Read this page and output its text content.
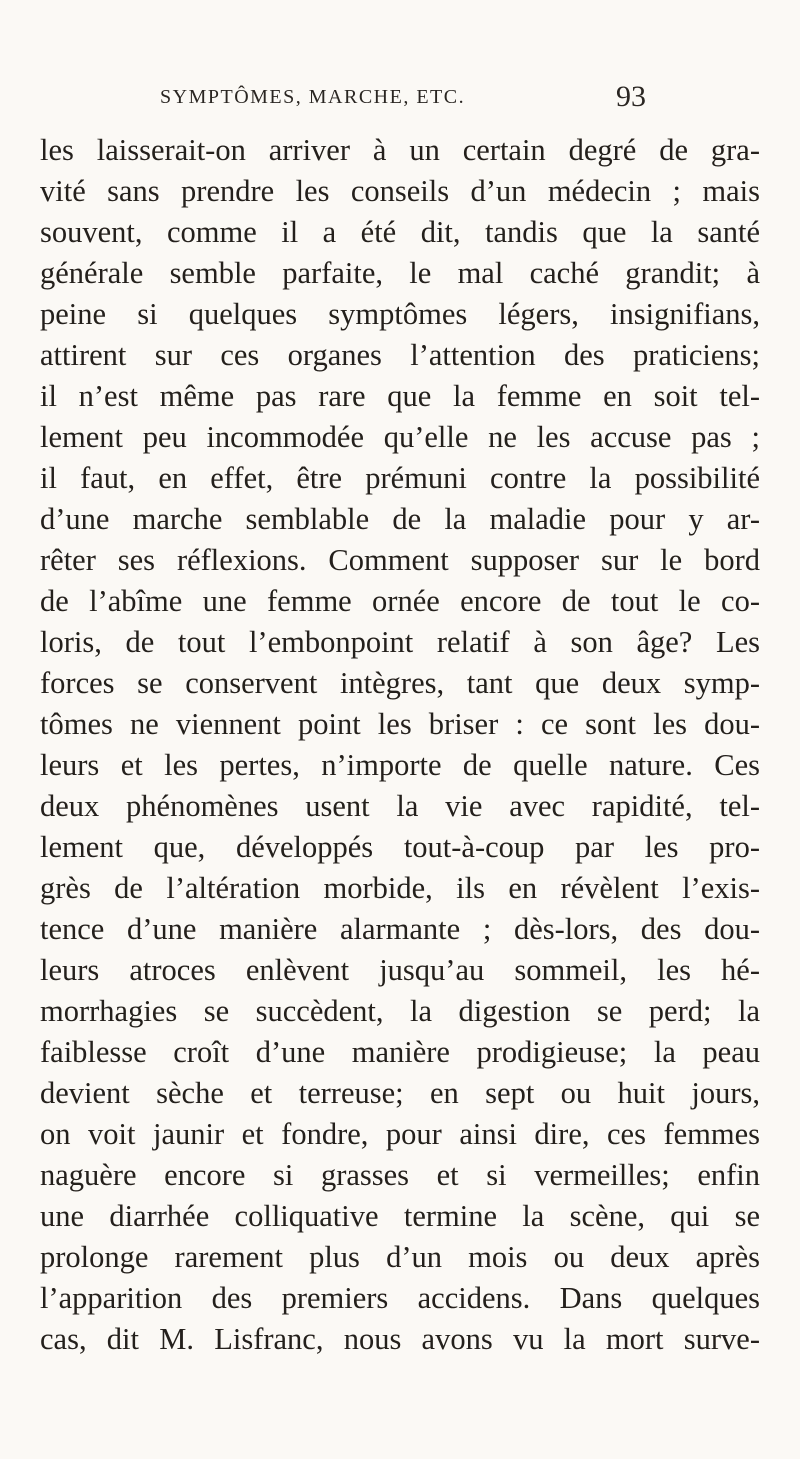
SYMPTÔMES, MARCHE, ETC.	93
les laisserait-on arriver à un certain degré de gra-
vité sans prendre les conseils d’un médecin ; mais
souvent, comme il a été dit, tandis que la santé
générale semble parfaite, le mal caché grandit; à
peine si quelques symptômes légers, insignifians,
attirent sur ces organes l’attention des praticiens;
il n’est même pas rare que la femme en soit tel-
lement peu incommodée qu’elle ne les accuse pas ;
il faut, en effet, être prémuni contre la possibilité
d’une marche semblable de la maladie pour y ar-
rêter ses réflexions. Comment supposer sur le bord
de l’abîme une femme ornée encore de tout le co-
loris, de tout l’embonpoint relatif à son âge? Les
forces se conservent intègres, tant que deux symp-
tômes ne viennent point les briser : ce sont les dou-
leurs et les pertes, n’importe de quelle nature. Ces
deux phénomènes usent la vie avec rapidité, tel-
lement que, développés tout-à-coup par les pro-
grès de l’altération morbide, ils en révèlent l’exis-
tence d’une manière alarmante ; dès-lors, des dou-
leurs atroces enlèvent jusqu’au sommeil, les hé-
morrhagies se succèdent, la digestion se perd; la
faiblesse croît d’une manière prodigieuse; la peau
devient sèche et terreuse; en sept ou huit jours,
on voit jaunir et fondre, pour ainsi dire, ces femmes
naguère encore si grasses et si vermeilles; enfin
une diarrhée colliquative termine la scène, qui se
prolonge rarement plus d’un mois ou deux après
l’apparition des premiers accidens. Dans quelques
cas, dit M. Lisfranc, nous avons vu la mort surve-
